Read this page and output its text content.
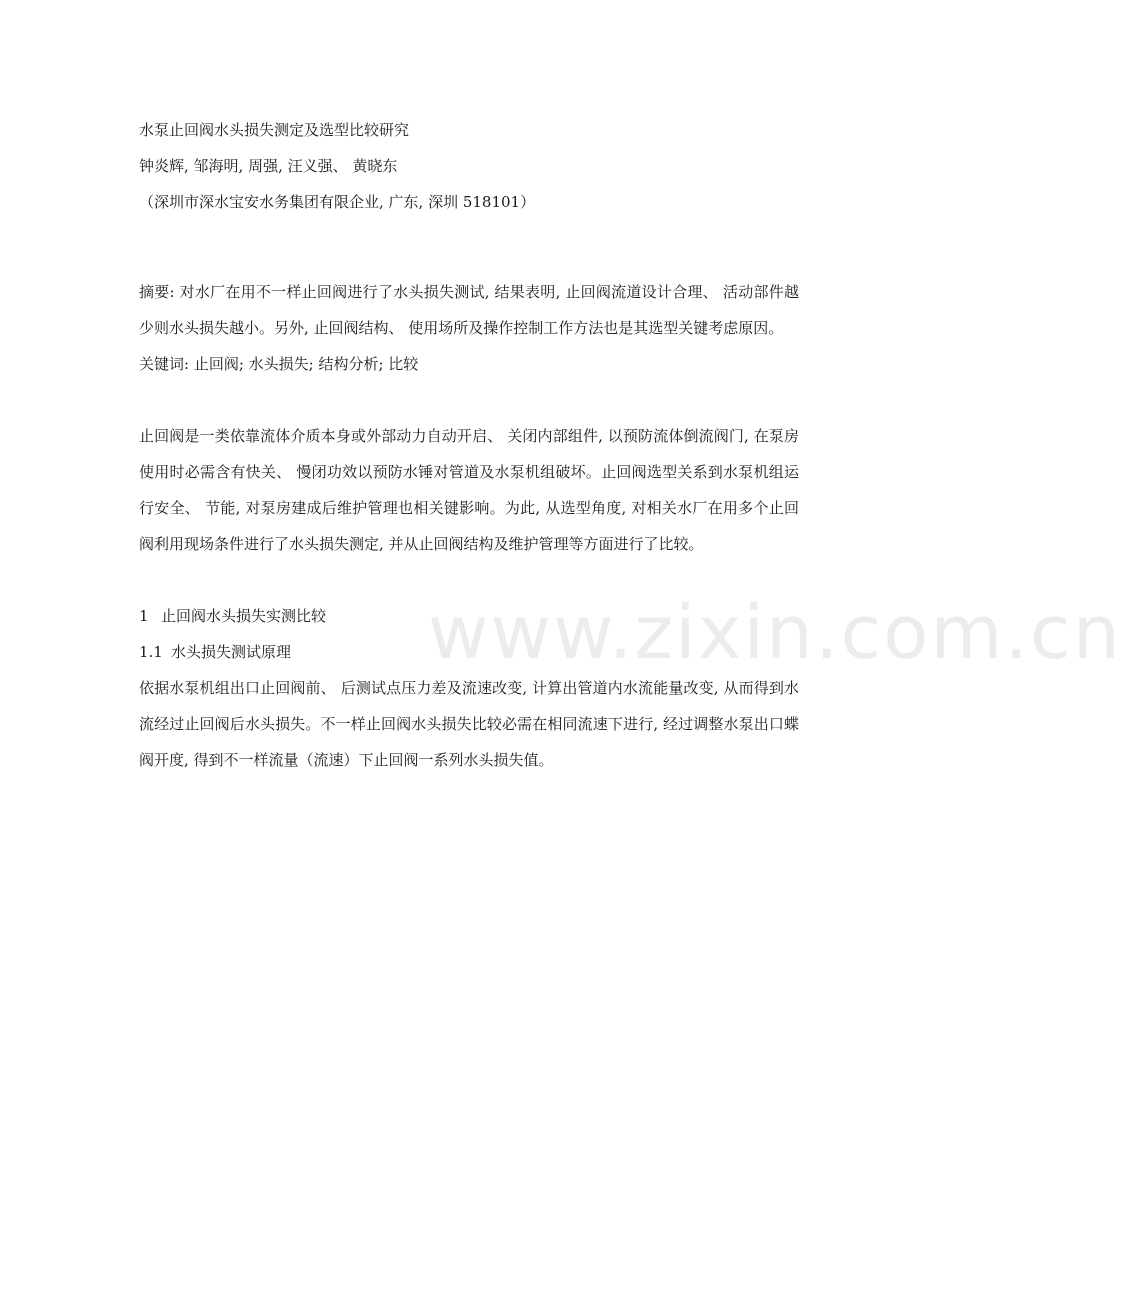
www.zixin.com.cn

水泵止回阀水头损失测定及选型比较研究

钟炎辉, 邹海明, 周强, 汪义强、 黄晓东

（深圳市深水宝安水务集团有限企业, 广东, 深圳 518101）

摘要: 对水厂在用不一样止回阀进行了水头损失测试, 结果表明, 止回阀流道设计合理、 活动部件越少则水头损失越小。另外, 止回阀结构、 使用场所及操作控制工作方法也是其选型关键考虑原因。

关键词: 止回阀; 水头损失; 结构分析; 比较

止回阀是一类依靠流体介质本身或外部动力自动开启、 关闭内部组件, 以预防流体倒流阀门, 在泵房使用时必需含有快关、 慢闭功效以预防水锤对管道及水泵机组破坏。止回阀选型关系到水泵机组运行安全、 节能, 对泵房建成后维护管理也相关键影响。为此, 从选型角度, 对相关水厂在用多个止回阀利用现场条件进行了水头损失测定, 并从止回阀结构及维护管理等方面进行了比较。

1 止回阀水头损失实测比较

1.1 水头损失测试原理

依据水泵机组出口止回阀前、 后测试点压力差及流速改变, 计算出管道内水流能量改变, 从而得到水流经过止回阀后水头损失。不一样止回阀水头损失比较必需在相同流速下进行, 经过调整水泵出口蝶阀开度, 得到不一样流量（流速）下止回阀一系列水头损失值。
